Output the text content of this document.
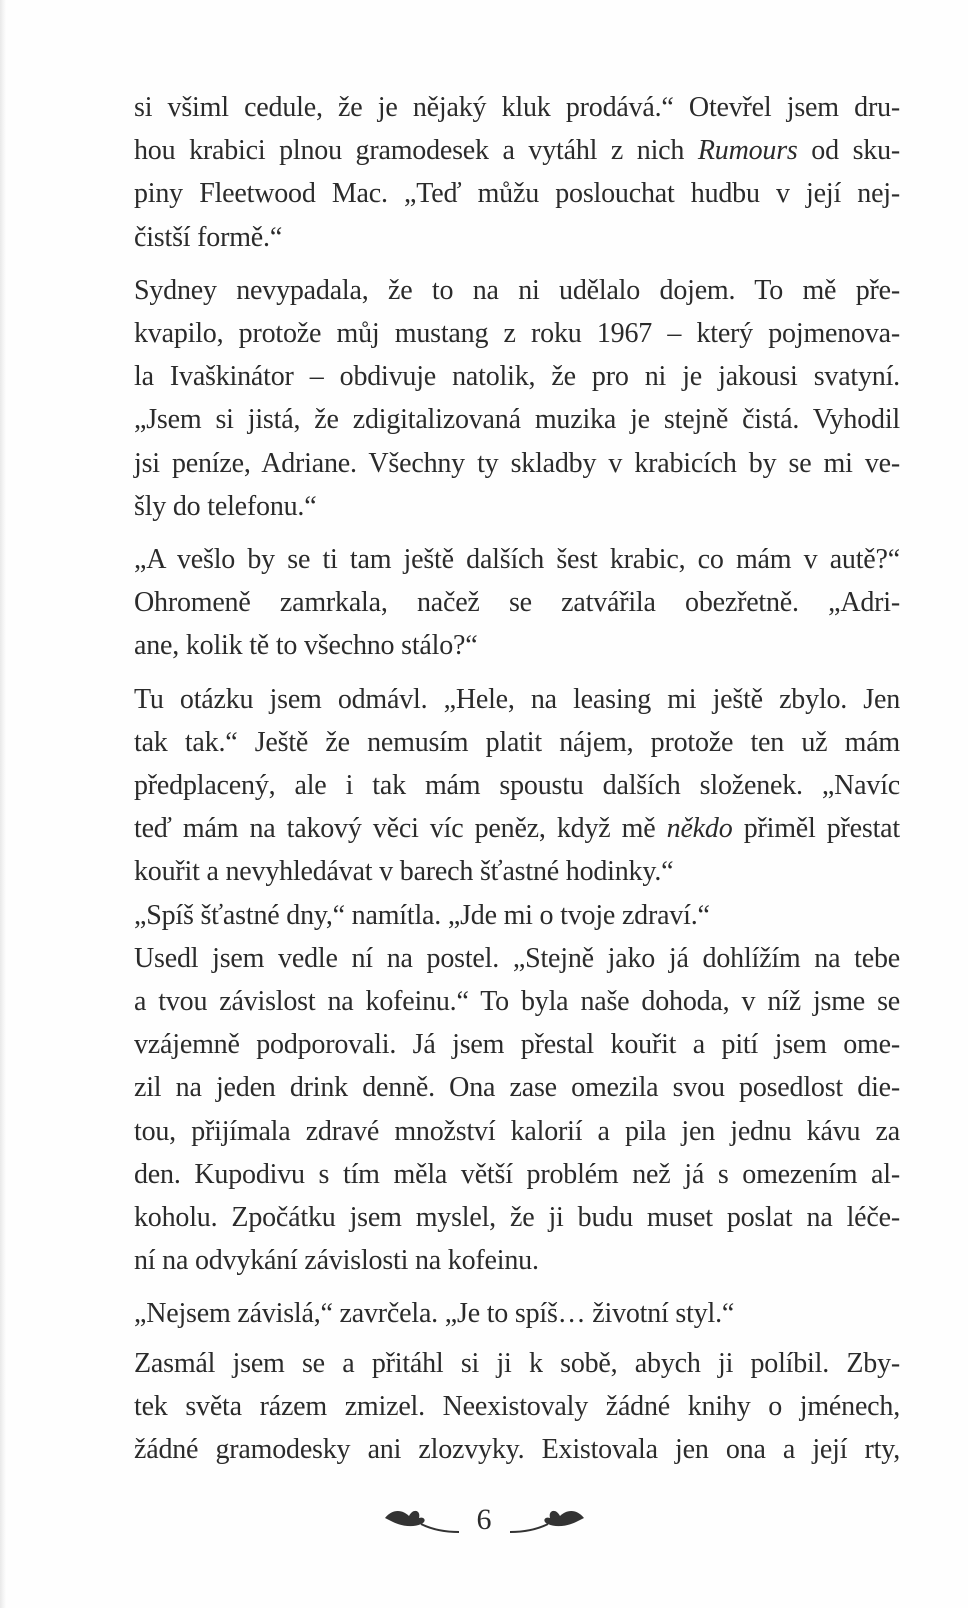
si všiml cedule, že je nějaký kluk prodává.“ Otevřel jsem dru-
hou krabici plnou gramodesek a vytáhl z nich Rumours od sku-
piny Fleetwood Mac. „Teď můžu poslouchat hudbu v její nej-
čistší formě.“
Sydney nevypadala, že to na ni udělalo dojem. To mě pře-
kvapilo, protože můj mustang z roku 1967 – který pojmenova-
la Ivaškinátor – obdivuje natolik, že pro ni je jakousi svatyní.
„Jsem si jistá, že zdigitalizovaná muzika je stejně čistá. Vyhodil
jsi peníze, Adriane. Všechny ty skladby v krabicích by se mi ve-
šly do telefonu.“
„A vešlo by se ti tam ještě dalších šest krabic, co mám v autě?“
Ohromeně zamrkala, načež se zatvářila obezřetně. „Adri-
ane, kolik tě to všechno stálo?“
Tu otázku jsem odmávl. „Hele, na leasing mi ještě zbylo. Jen
tak tak.“ Ještě že nemusím platit nájem, protože ten už mám
předplacený, ale i tak mám spoustu dalších složenek. „Navíc
teď mám na takový věci víc peněz, když mě někdo přiměl přestat
kouřit a nevyhledávat v barech šťastné hodinky.“
„Spíš šťastné dny,“ namítla. „Jde mi o tvoje zdraví.“
Usedl jsem vedle ní na postel. „Stejně jako já dohlížím na tebe
a tvou závislost na kofeinu.“ To byla naše dohoda, v níž jsme se
vzájemně podporovali. Já jsem přestal kouřit a pití jsem ome-
zil na jeden drink denně. Ona zase omezila svou posedlost die-
tou, přijímala zdravé množství kalorií a pila jen jednu kávu za
den. Kupodivu s tím měla větší problém než já s omezením al-
koholu. Zpočátku jsem myslel, že ji budu muset poslat na léče-
ní na odvykání závislosti na kofeinu.
„Nejsem závislá,“ zavrčela. „Je to spíš… životní styl.“
Zasmál jsem se a přitáhl si ji k sobě, abych ji políbil. Zby-
tek světa rázem zmizel. Neexistovaly žádné knihy o jménech,
žádné gramodesky ani zlozvyky. Existovala jen ona a její rty,
6
